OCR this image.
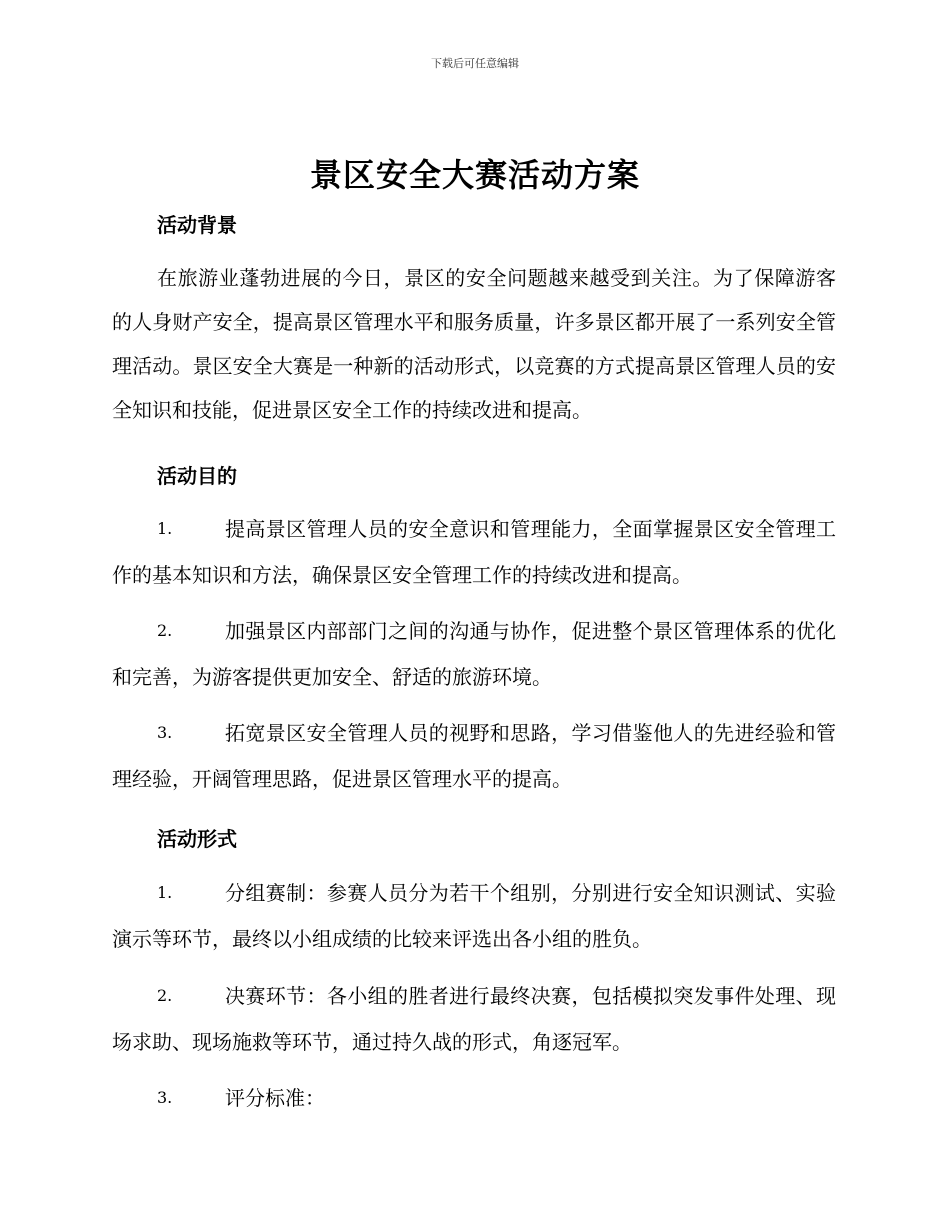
下载后可任意编辑
景区安全大赛活动方案
活动背景
在旅游业蓬勃进展的今日，景区的安全问题越来越受到关注。为了保障游客的人身财产安全，提高景区管理水平和服务质量，许多景区都开展了一系列安全管理活动。景区安全大赛是一种新的活动形式，以竞赛的方式提高景区管理人员的安全知识和技能，促进景区安全工作的持续改进和提高。
活动目的
1.	提高景区管理人员的安全意识和管理能力，全面掌握景区安全管理工作的基本知识和方法，确保景区安全管理工作的持续改进和提高。
2.	加强景区内部部门之间的沟通与协作，促进整个景区管理体系的优化和完善，为游客提供更加安全、舒适的旅游环境。
3.	拓宽景区安全管理人员的视野和思路，学习借鉴他人的先进经验和管理经验，开阔管理思路，促进景区管理水平的提高。
活动形式
1.	分组赛制：参赛人员分为若干个组别，分别进行安全知识测试、实验演示等环节，最终以小组成绩的比较来评选出各小组的胜负。
2.	决赛环节：各小组的胜者进行最终决赛，包括模拟突发事件处理、现场求助、现场施救等环节，通过持久战的形式，角逐冠军。
3.	评分标准：
